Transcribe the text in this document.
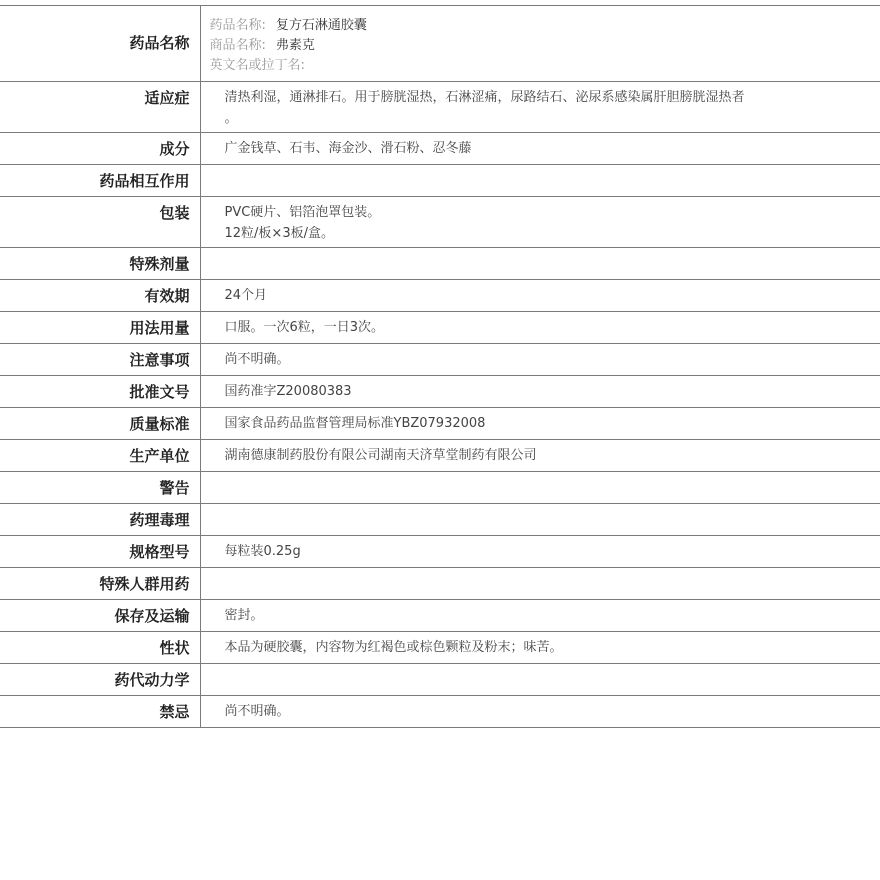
药品名称	药品名称: 复方石淋通胶囊
商品名称: 弗素克
英文名或拉丁名:

适应症	清热利湿，通淋排石。用于膀胱湿热，石淋涩痛，尿路结石、泌尿系感染属肝胆膀胱湿热者
。

成分	广金钱草、石韦、海金沙、滑石粉、忍冬藤

药品相互作用	
包装	PVC硬片、铝箔泡罩包装。
12粒/板×3板/盒。

特殊剂量	
有效期	24个月

用法用量	口服。一次6粒，一日3次。

注意事项	尚不明确。

批准文号	国药准字Z20080383

质量标准	国家食品药品监督管理局标准YBZ07932008

生产单位	湖南德康制药股份有限公司湖南天济草堂制药有限公司

警告	
药理毒理	
规格型号	每粒装0.25g

特殊人群用药	
保存及运输	密封。

性状	本品为硬胶囊，内容物为红褐色或棕色颗粒及粉末；味苦。

药代动力学	
禁忌	尚不明确。
